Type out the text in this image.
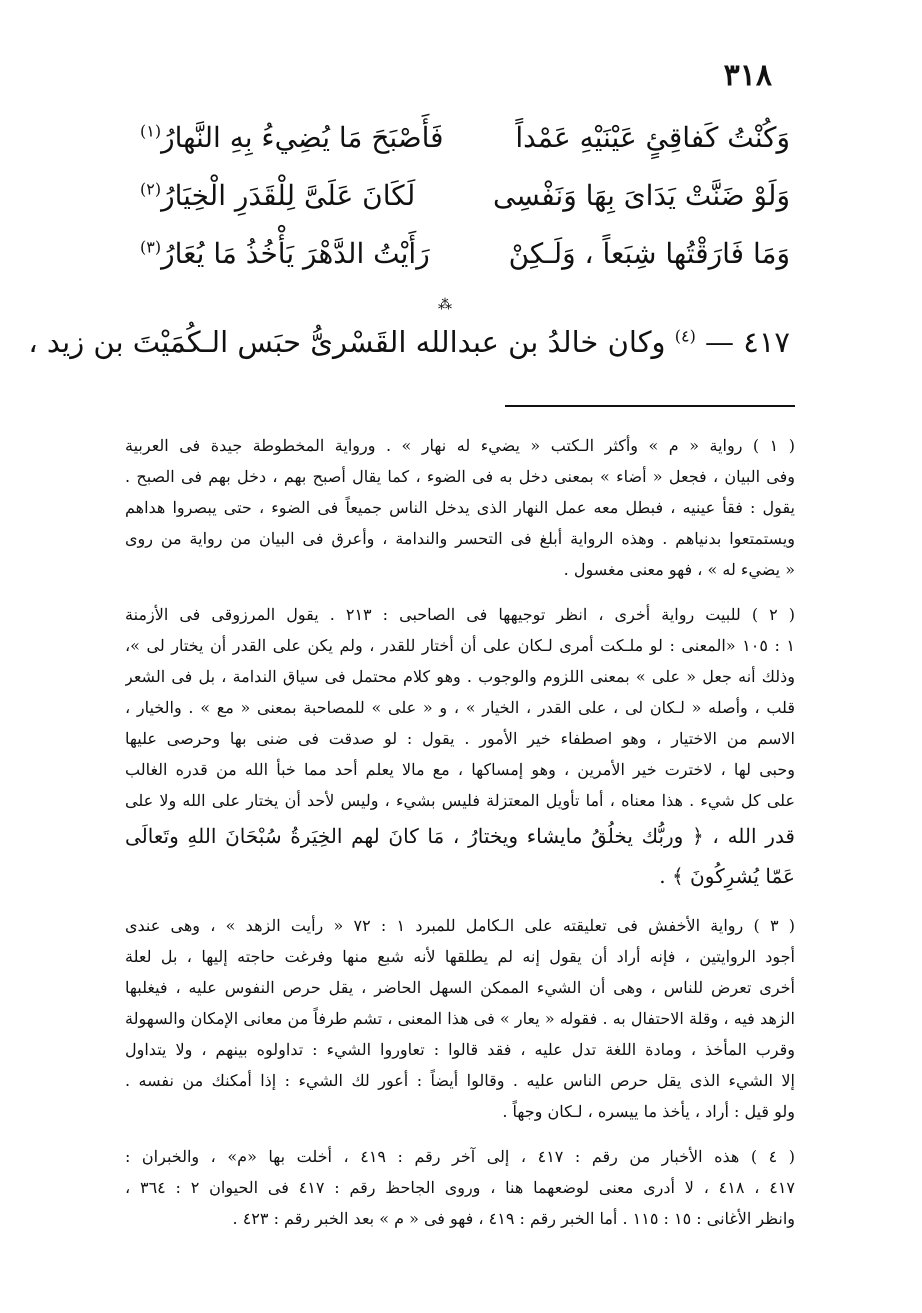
٣١٨
وَكُنْتُ كَفاقِئٍ عَيْنَيْهِ عَمْداً
فَأَصْبَحَ مَا يُضِيءُ بِهِ النَّهارُ$^{(١)}$
وَلَوْ ضَنَّتْ يَدَاىَ بِهَا وَنَفْسِى
لَكَانَ عَلَىَّ لِلْقَدَرِ الْخِيَارُ$^{(٢)}$
وَمَا فَارَقْتُها شِبَعاً ، وَلَـكِنْ
رَأَيْتُ الدَّهْرَ يَأْخُذُ مَا يُعَارُ$^{(٣)}$
⁂
٤١٧ — $^{(٤)}$ وكان خالدُ بن عبدالله القَسْرىُّ حبَس الـكُمَيْتَ بن زيد ،
( ١ ) رواية « م » وأكثر الـكتب « يضيء له نهار » . ورواية المخطوطة جيدة فى العربية
وفى البيان ، فجعل « أضاء » بمعنى دخل به فى الضوء ، كما يقال أصبح بهم ، دخل بهم فى الصبح .
يقول : فقأ عينيه ، فبطل معه عمل النهار الذى يدخل الناس جميعاً فى الضوء ، حتى يبصروا هداهم
ويستمتعوا بدنياهم . وهذه الرواية أبلغ فى التحسر والندامة ، وأعرق فى البيان من رواية من روى
« يضيء له » ، فهو معنى مغسول .
( ٢ ) للبيت رواية أخرى ، انظر توجيهها فى الصاحبى : ٢١٣ . يقول المرزوقى فى الأزمنة
١ : ١٠٥ «المعنى : لو ملـكت أمرى لـكان على أن أختار للقدر ، ولم يكن على القدر أن يختار لى »،
وذلك أنه جعل « على » بمعنى اللزوم والوجوب . وهو كلام محتمل فى سياق الندامة ، بل فى الشعر
قلب ، وأصله « لـكان لى ، على القدر ، الخيار » ، و « على » للمصاحبة بمعنى « مع » . والخيار ،
الاسم من الاختيار ، وهو اصطفاء خير الأمور . يقول : لو صدقت فى ضنى بها وحرصى عليها
وحبى لها ، لاخترت خير الأمرين ، وهو إمساكها ، مع مالا يعلم أحد مما خبأ الله من قدره الغالب
على كل شيء . هذا معناه ، أما تأويل المعتزلة فليس بشيء ، وليس لأحد أن يختار على الله ولا على
قدر الله ، ﴿ وربُّك يخلُقُ مايشاء ويختارُ ، مَا كانَ لهم الخِيَرةُ سُبْحَانَ اللهِ وتَعالَى
عَمّا يُشرِكُونَ ﴾ .
( ٣ ) رواية الأخفش فى تعليقته على الـكامل للمبرد ١ : ٧٢ « رأيت الزهد » ، وهى عندى
أجود الروايتين ، فإنه أراد أن يقول إنه لم يطلقها لأنه شبع منها وفرغت حاجته إليها ، بل لعلة
أخرى تعرض للناس ، وهى أن الشيء الممكن السهل الحاضر ، يقل حرص النفوس عليه ، فيغلبها
الزهد فيه ، وقلة الاحتفال به . فقوله « يعار » فى هذا المعنى ، تشم طرفاً من معانى الإمكان والسهولة
وقرب المأخذ ، ومادة اللغة تدل عليه ، فقد قالوا : تعاوروا الشيء : تداولوه بينهم ، ولا يتداول
إلا الشيء الذى يقل حرص الناس عليه . وقالوا أيضاً : أعور لك الشيء : إذا أمكنك من نفسه .
ولو قيل : أراد ، يأخذ ما ييسره ، لـكان وجهاً .
( ٤ ) هذه الأخبار من رقم : ٤١٧ ، إلى آخر رقم : ٤١٩ ، أخلت بها «م» ، والخبران :
٤١٧ ، ٤١٨ ، لا أدرى معنى لوضعهما هنا ، وروى الجاحظ رقم : ٤١٧ فى الحيوان ٢ : ٣٦٤ ،
وانظر الأغانى : ١٥ : ١١٥ . أما الخبر رقم : ٤١٩ ، فهو فى « م » بعد الخبر رقم : ٤٢٣ .
